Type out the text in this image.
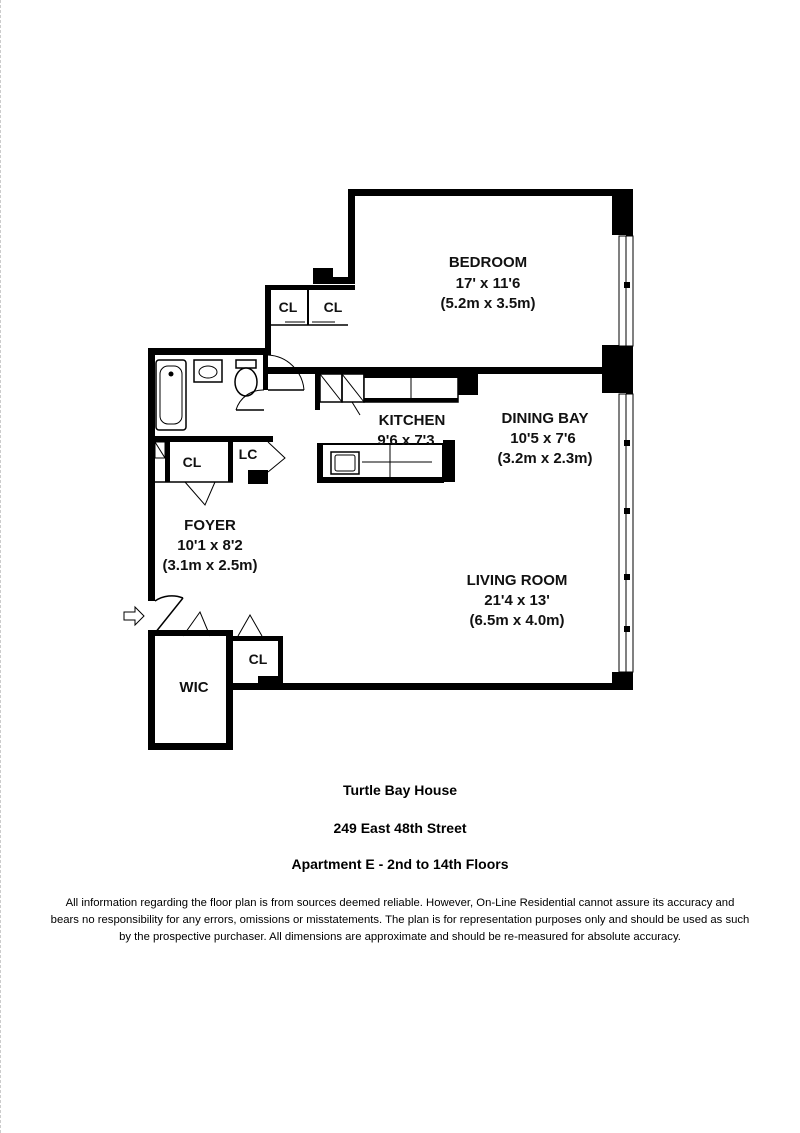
BEDROOM
17' x 11'6
(5.2m x 3.5m)
CL CL
KITCHEN
9'6 x 7'3
DINING BAY
10'5 x 7'6
(3.2m x 2.3m)
CL	LC
FOYER
10'1 x 8'2
(3.1m x 2.5m)
LIVING ROOM
21'4 x 13'
(6.5m x 4.0m)
CL
WIC
Turtle Bay House
249 East 48th Street
Apartment E - 2nd to 14th Floors
All information regarding the floor plan is from sources deemed reliable. However, On-Line Residential cannot assure its accuracy and bears no responsibility for any errors, omissions or misstatements. The plan is for representation purposes only and should be used as such by the prospective purchaser. All dimensions are approximate and should be re-measured for absolute accuracy.
